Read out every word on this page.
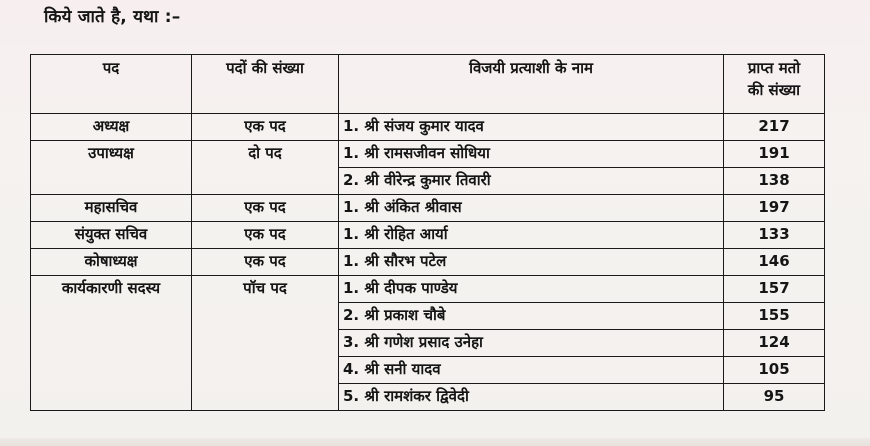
किये जाते है, यथा :–
पद	पदों की संख्या	विजयी प्रत्याशी के नाम	प्राप्त मतो
की संख्या

अध्यक्ष	एक पद	1. श्री संजय कुमार यादव	217
उपाध्यक्ष	दो पद	1. श्री रामसजीवन सोधिया	191
		2. श्री वीरेन्द्र कुमार तिवारी	138
महासचिव	एक पद	1. श्री अंकित श्रीवास	197
संयुक्त सचिव	एक पद	1. श्री रोहित आर्या	133
कोषाध्यक्ष	एक पद	1. श्री सौरभ पटेल	146
कार्यकारणी सदस्य	पॉच पद	1. श्री दीपक पाण्डेय	157
		2. श्री प्रकाश चौबे	155
		3. श्री गणेश प्रसाद उनेहा	124
		4. श्री सनी यादव	105
		5. श्री रामशंकर द्विवेदी	95
